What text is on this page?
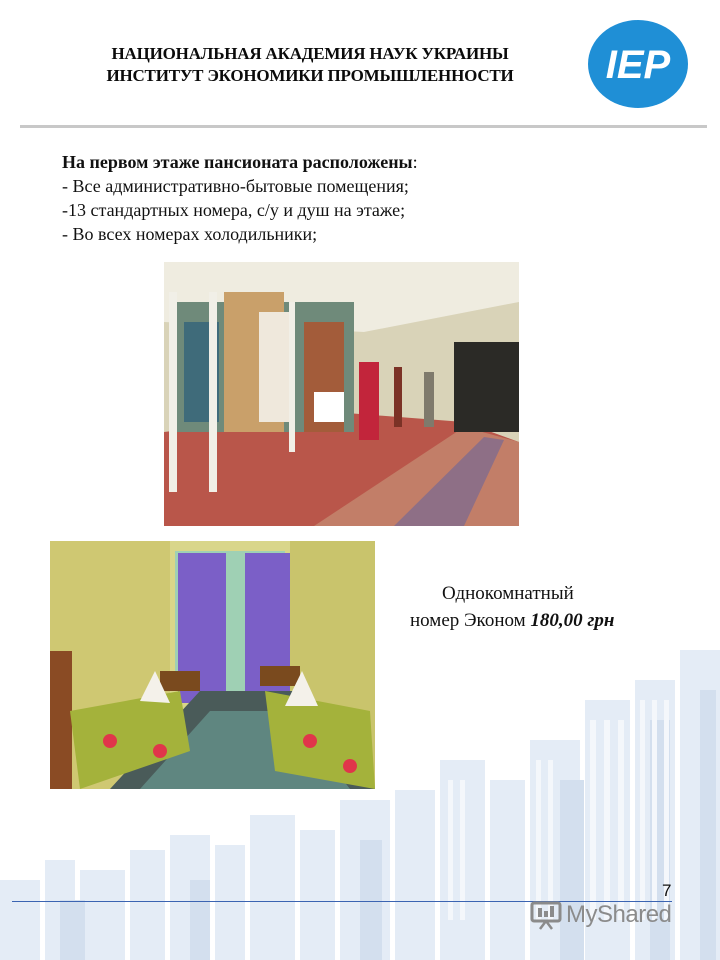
НАЦИОНАЛЬНАЯ АКАДЕМИЯ НАУК УКРАИНЫ
ИНСТИТУТ ЭКОНОМИКИ ПРОМЫШЛЕННОСТИ	IEP
На первом этаже пансионата расположены:
- Все административно-бытовые помещения;
-13 стандартных номера, с/у и душ на этаже;
- Во всех номерах холодильники;
Однокомнатный
номер Эконом 180,00 грн
7
MyShared
